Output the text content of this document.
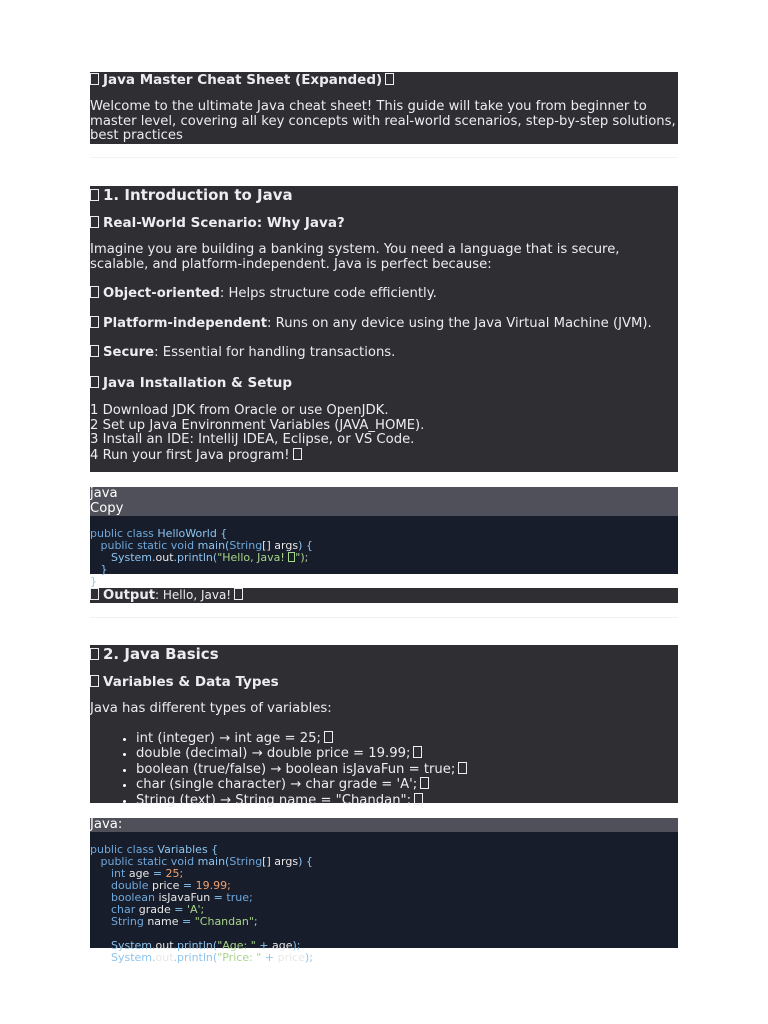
Java Master Cheat Sheet (Expanded)

Welcome to the ultimate Java cheat sheet! This guide will take you from beginner to master level, covering all key concepts with real-world scenarios, step-by-step solutions, best practices

1. Introduction to Java

Real-World Scenario: Why Java?

Imagine you are building a banking system. You need a language that is secure, scalable, and platform-independent. Java is perfect because:

Object-oriented: Helps structure code efficiently.

Platform-independent: Runs on any device using the Java Virtual Machine (JVM).

Secure: Essential for handling transactions.

Java Installation & Setup

1 Download JDK from Oracle or use OpenJDK.

2 Set up Java Environment Variables (JAVA_HOME).

3 Install an IDE: IntelliJ IDEA, Eclipse, or VS Code.

4 Run your first Java program!

java
Copy

public class HelloWorld {
public static void main(String[] args) {
System.out.println("Hello, Java! ");
}
}

Output: Hello, Java!

2. Java Basics

Variables & Data Types

Java has different types of variables:

• int (integer) → int age = 25;
• double (decimal) → double price = 19.99;
• boolean (true/false) → boolean isJavaFun = true;
• char (single character) → char grade = 'A';
• String (text) → String name = "Chandan";
Java:

public class Variables {
public static void main(String[] args) {
int age = 25;
double price = 19.99;
boolean isJavaFun = true;
char grade = 'A';
String name = "Chandan";
System.out.println("Age: " + age);
System.out.println("Price: " + price);
